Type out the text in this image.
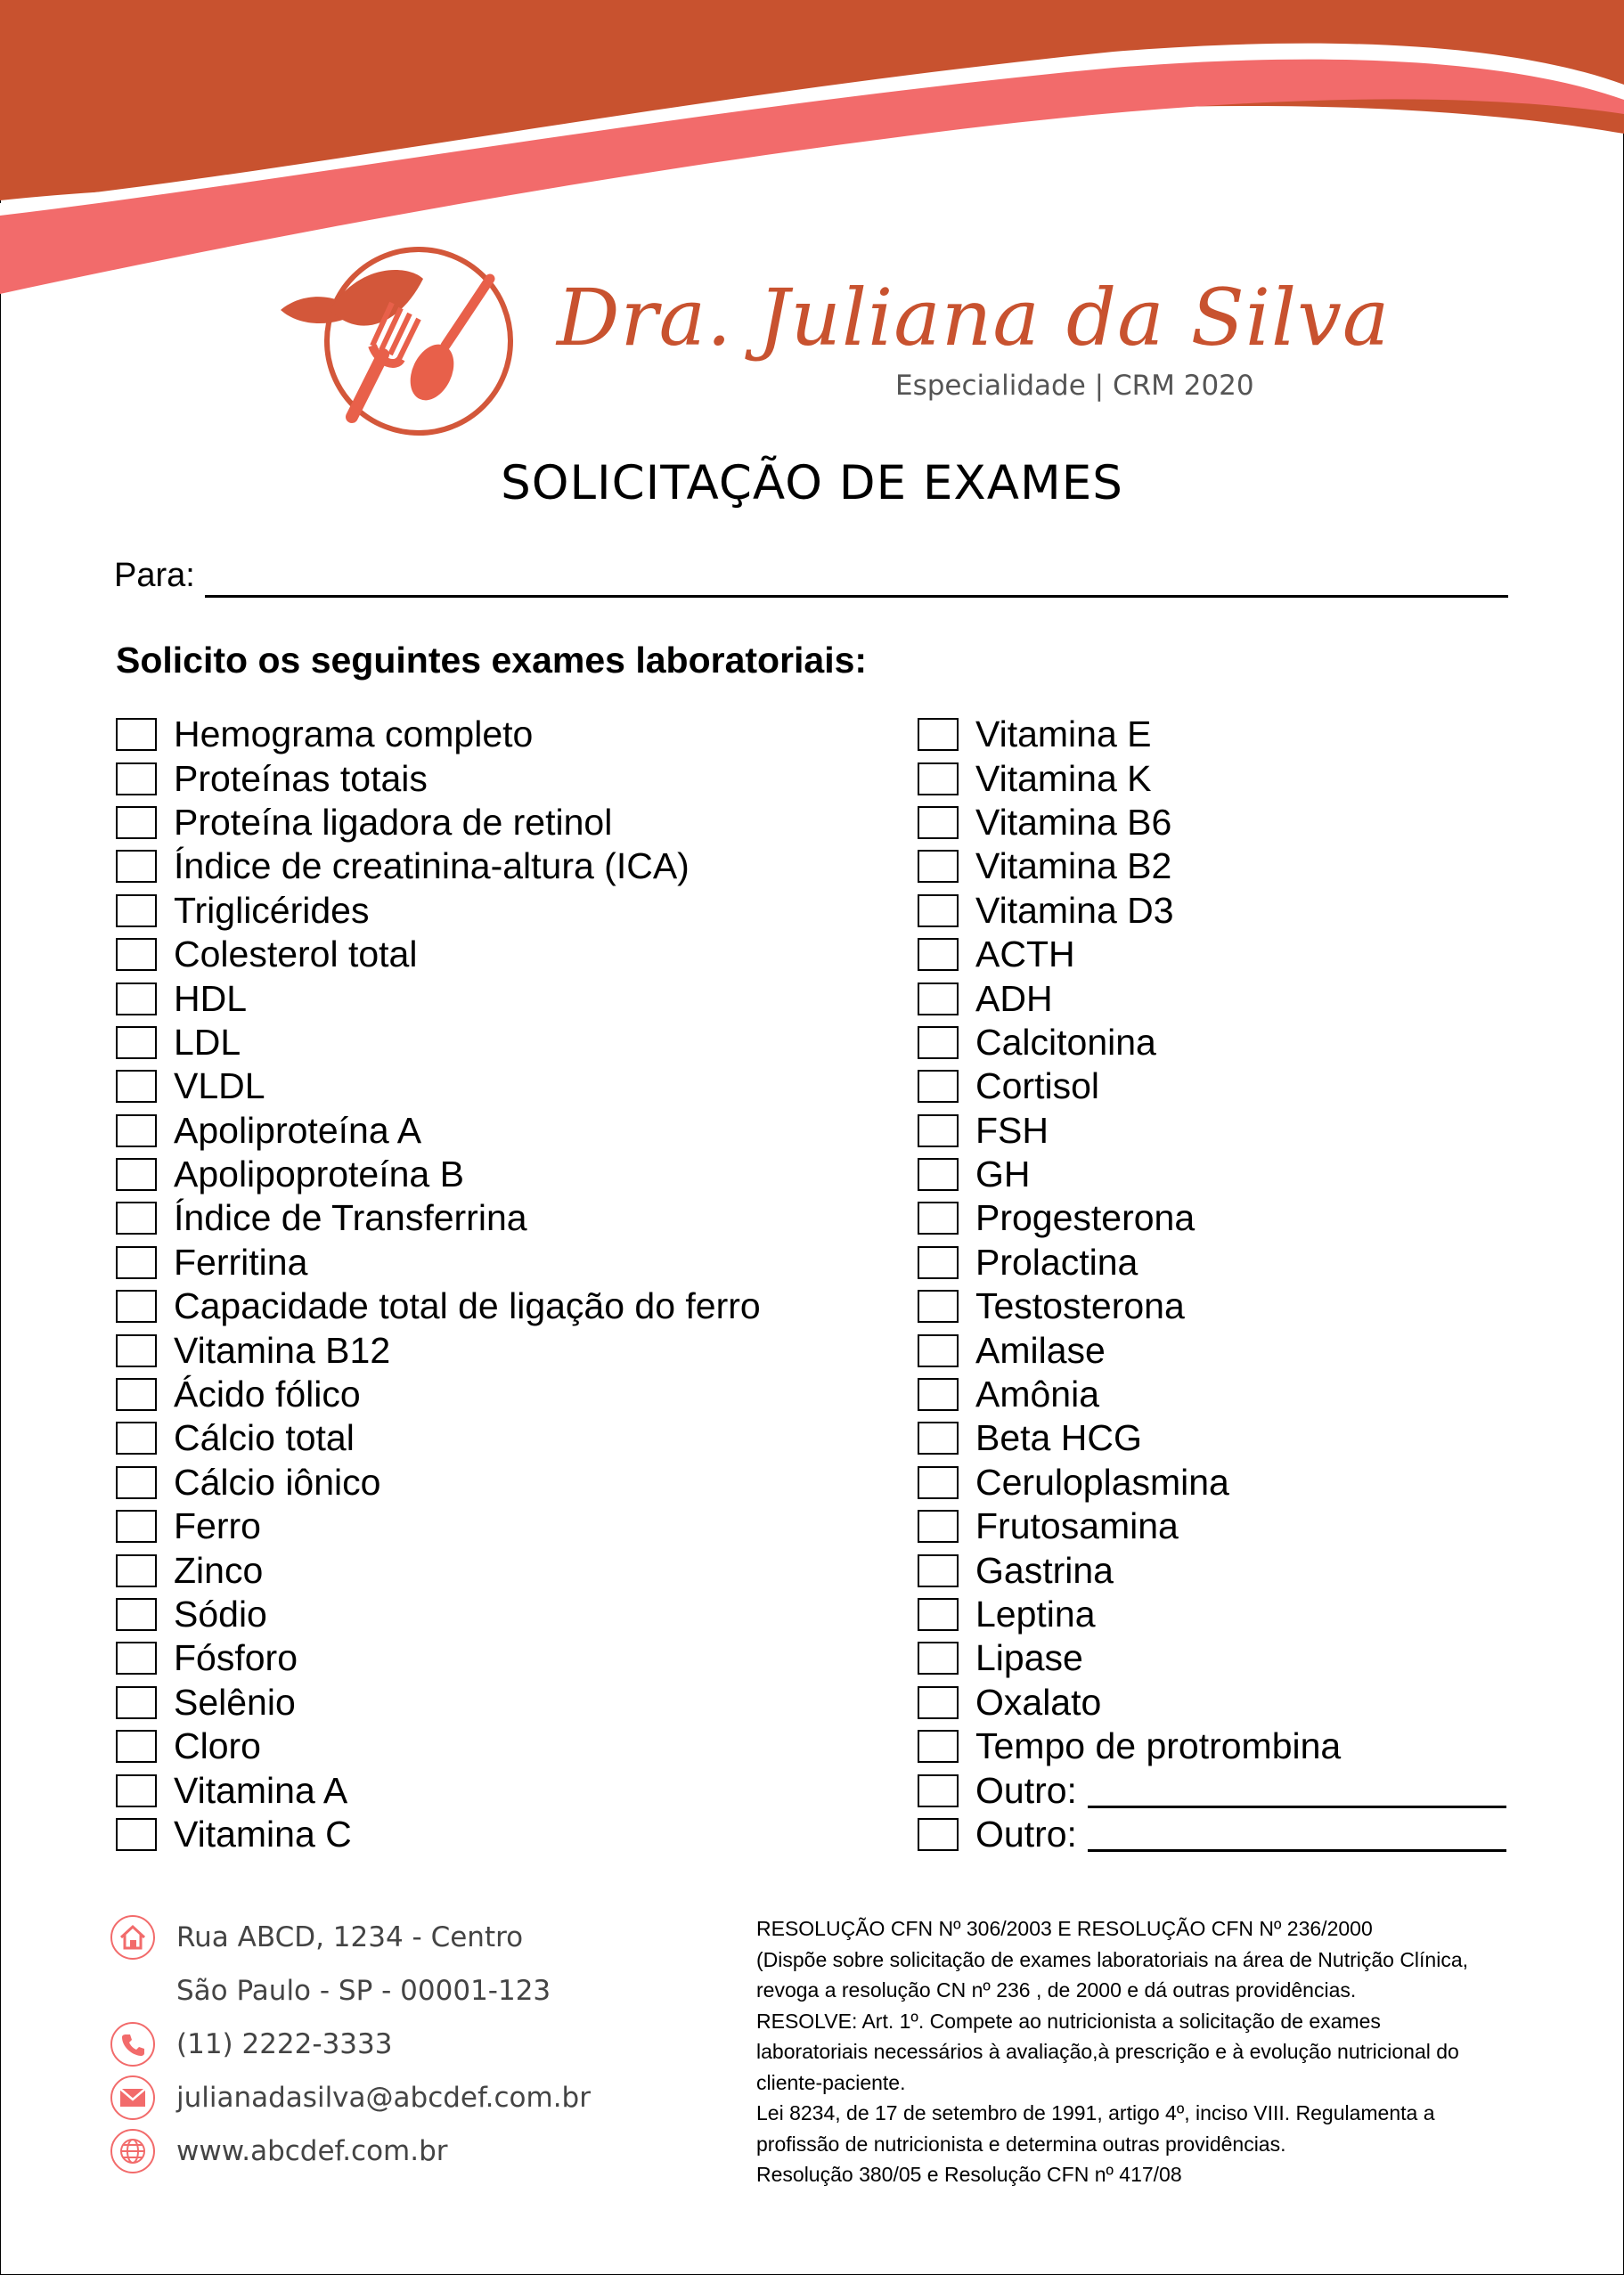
Dra. Juliana da Silva
Especialidade | CRM 2020
SOLICITAÇÃO DE EXAMES
Para:
Solicito os seguintes exames laboratoriais:
Hemograma completo
Proteínas totais
Proteína ligadora de retinol
Índice de creatinina-altura (ICA)
Triglicérides
Colesterol total
HDL
LDL
VLDL
Apoliproteína A
Apolipoproteína B
Índice de Transferrina
Ferritina
Capacidade total de ligação do ferro
Vitamina B12
Ácido fólico
Cálcio total
Cálcio iônico
Ferro
Zinco
Sódio
Fósforo
Selênio
Cloro
Vitamina A
Vitamina C
Vitamina E
Vitamina K
Vitamina B6
Vitamina B2
Vitamina D3
ACTH
ADH
Calcitonina
Cortisol
FSH
GH
Progesterona
Prolactina
Testosterona
Amilase
Amônia
Beta HCG
Ceruloplasmina
Frutosamina
Gastrina
Leptina
Lipase
Oxalato
Tempo de protrombina
Outro:
Outro:
Rua ABCD, 1234 - Centro
São Paulo - SP - 00001-123
(11) 2222-3333
julianadasilva@abcdef.com.br
www.abcdef.com.br

RESOLUÇÃO CFN Nº 306/2003 E RESOLUÇÃO CFN Nº 236/2000

(Dispõe sobre solicitação de exames laboratoriais na área de Nutrição Clínica,

revoga a resolução CN nº 236 , de 2000 e dá outras providências.

RESOLVE: Art. 1º. Compete ao nutricionista a solicitação de exames

laboratoriais necessários à avaliação,à prescrição e à evolução nutricional do

cliente-paciente.

Lei 8234, de 17 de setembro de 1991, artigo 4º, inciso VIII. Regulamenta a

profissão de nutricionista e determina outras providências.

Resolução 380/05 e Resolução CFN nº 417/08
